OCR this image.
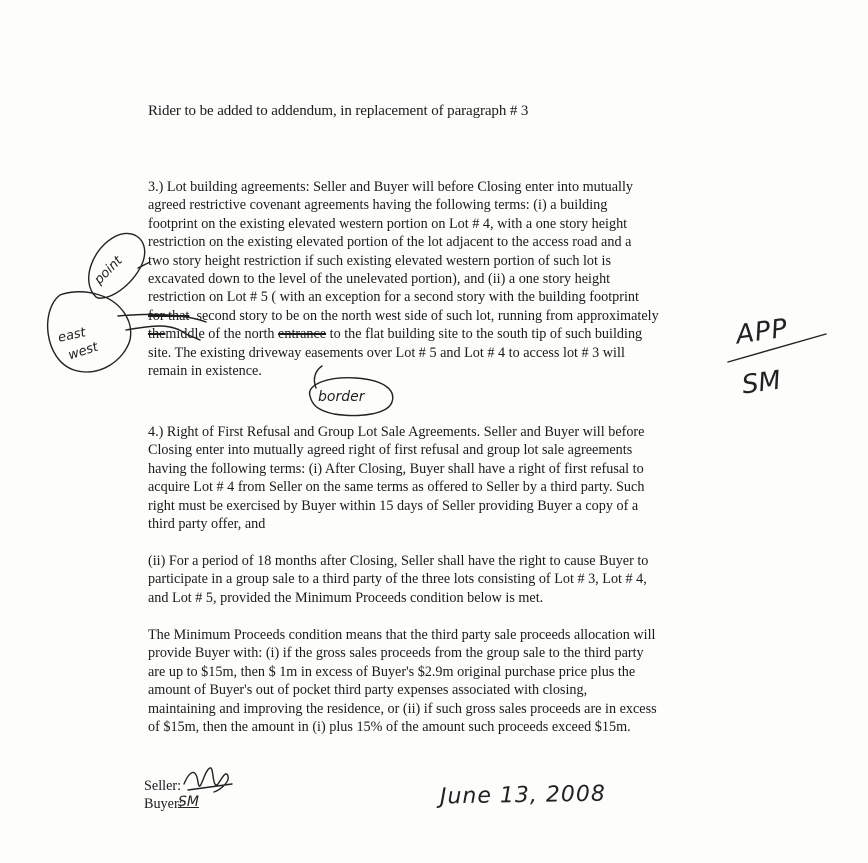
Rider to be added to addendum, in replacement of paragraph # 3
3.) Lot building agreements: Seller and Buyer will before Closing enter into mutually
agreed restrictive covenant agreements having the following terms: (i) a building
footprint on the existing elevated western portion on Lot # 4, with a one story height
restriction on the existing elevated portion of the lot adjacent to the access road and a
two story height restriction if such existing elevated western portion of such lot is
excavated down to the level of the unelevated portion), and (ii) a one story height
restriction on Lot # 5 ( with an exception for a second story with the building footprint
for that second story to be on the north west side of such lot, running from approximately
themiddle of the north entrance to the flat building site to the south tip of such building
site. The existing driveway easements over Lot # 5 and Lot # 4 to access lot # 3 will
remain in existence.
4.) Right of First Refusal and Group Lot Sale Agreements. Seller and Buyer will before
Closing enter into mutually agreed right of first refusal and group lot sale agreements
having the following terms: (i) After Closing, Buyer shall have a right of first refusal to
acquire Lot # 4 from Seller on the same terms as offered to Seller by a third party. Such
right must be exercised by Buyer within 15 days of Seller providing Buyer a copy of a
third party offer, and
(ii) For a period of 18 months after Closing, Seller shall have the right to cause Buyer to
participate in a group sale to a third party of the three lots consisting of Lot # 3, Lot # 4,
and Lot # 5, provided the Minimum Proceeds condition below is met.
The Minimum Proceeds condition means that the third party sale proceeds allocation will
provide Buyer with: (i) if the gross sales proceeds from the group sale to the third party
are up to $15m, then $ 1m in excess of Buyer's $2.9m original purchase price plus the
amount of Buyer's out of pocket third party expenses associated with closing,
maintaining and improving the residence, or (ii) if such gross sales proceeds are in excess
of $15m, then the amount in (i) plus 15% of the amount such proceeds exceed $15m.
Seller:
Buyer:	June 13, 2008
point
east
west
border
APP
SM
SM
